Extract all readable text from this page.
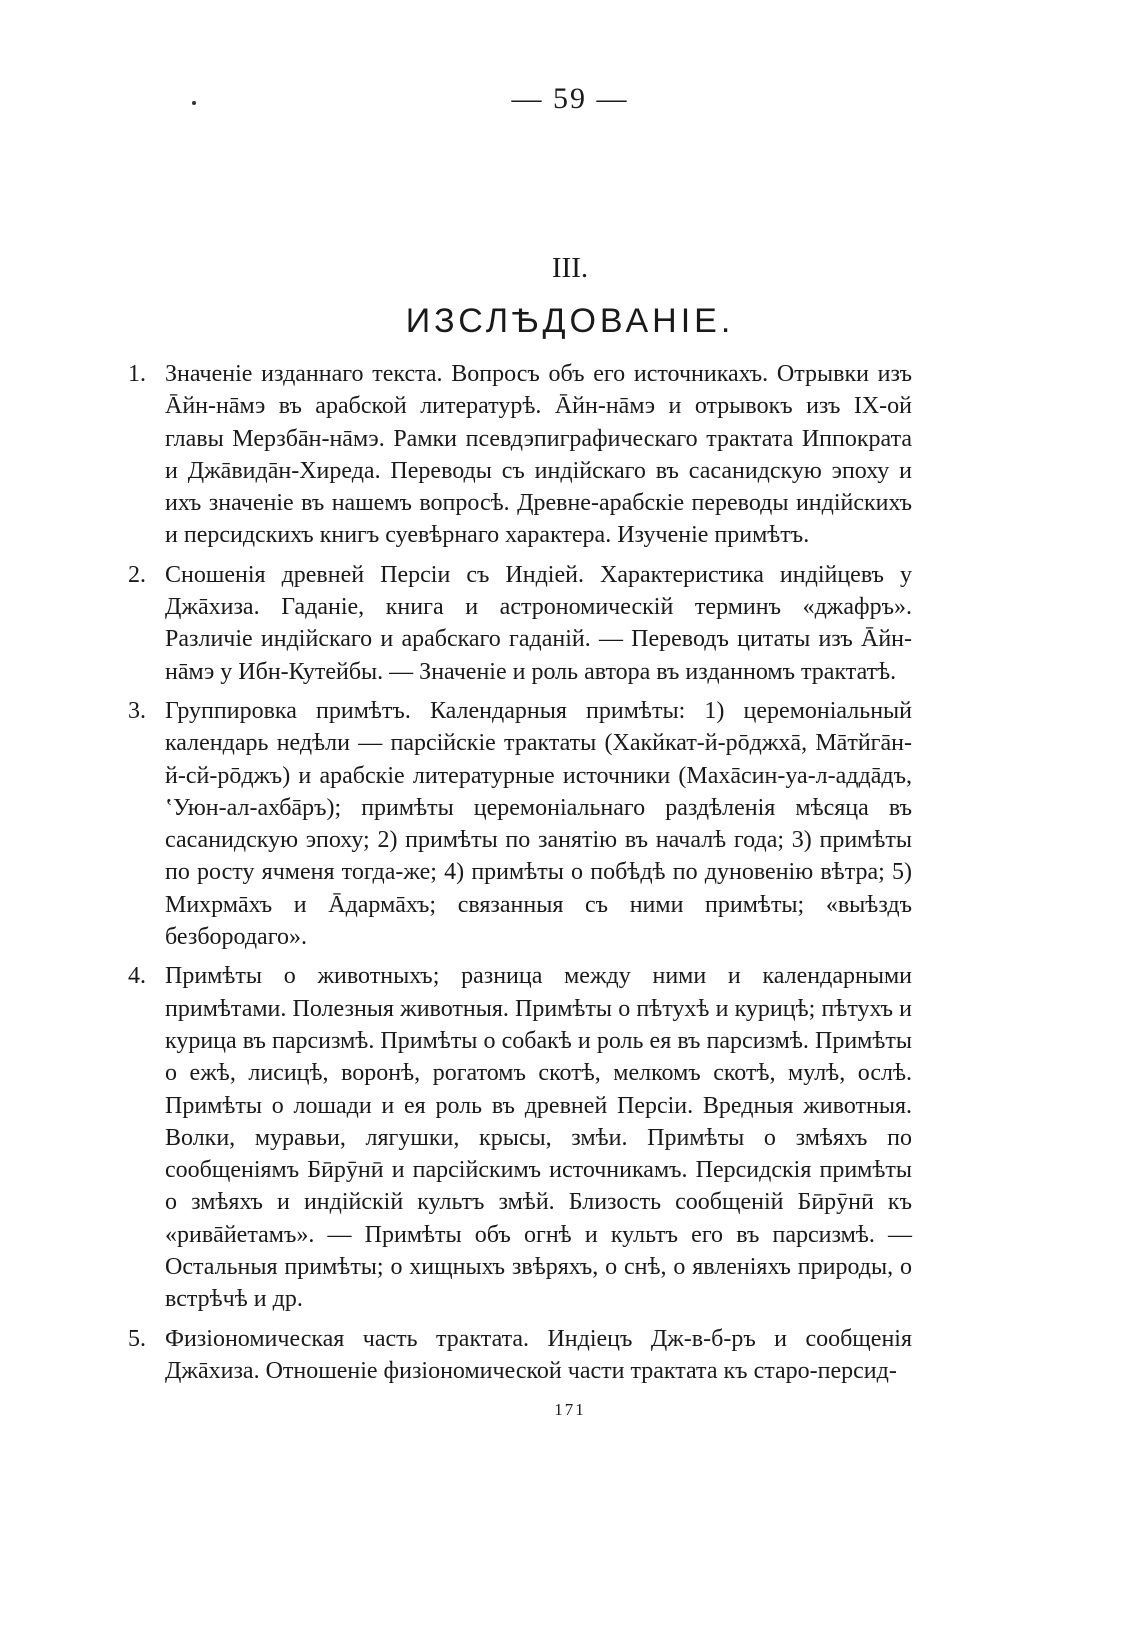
— 59 —
III.
ИЗСЛѢДОВАНІЕ.
1. Значеніе изданнаго текста. Вопросъ объ его источникахъ. Отрывки изъ Āйн-нāмэ въ арабской литературѣ. Āйн-нāмэ и отрывокъ изъ IX-ой главы Мерзбāн-нāмэ. Рамки псевдэпиграфическаго трактата Иппократа и Джāвидāн-Хиреда. Переводы съ индійскаго въ сасанидскую эпоху и ихъ значеніе въ нашемъ вопросѣ. Древне-арабскіе переводы индійскихъ и персидскихъ книгъ суевѣрнаго характера. Изученіе примѣтъ.
2. Сношенія древней Персіи съ Индіей. Характеристика индійцевъ у Джāхиза. Гаданіе, книга и астрономическій терминъ «джафръ». Различіе индійскаго и арабскаго гаданій. — Переводъ цитаты изъ Āйн-нāмэ у Ибн-Кутейбы. — Значеніе и роль автора въ изданномъ трактатѣ.
3. Группировка примѣтъ. Календарныя примѣты: 1) церемоніальный календарь недѣли — парсійскіе трактаты (Хакйкат-й-рōджхā, Мāтйгāн-й-сй-рōджъ) и арабскіе литературные источники (Махāсин-уа-л-аддāдъ, ʽУюн-ал-ахбāръ); примѣты церемоніальнаго раздѣленія мѣсяца въ сасанидскую эпоху; 2) примѣты по занятію въ началѣ года; 3) примѣты по росту ячменя тогда-же; 4) примѣты о побѣдѣ по дуновенію вѣтра; 5) Михрмāхъ и Āдармāхъ; связанныя съ ними примѣты; «выѣздъ безбородаго».
4. Примѣты о животныхъ; разница между ними и календарными примѣтами. Полезныя животныя. Примѣты о пѣтухѣ и курицѣ; пѣтухъ и курица въ парсизмѣ. Примѣты о собакѣ и роль ея въ парсизмѣ. Примѣты о ежѣ, лисицѣ, воронѣ, рогатомъ скотѣ, мелкомъ скотѣ, мулѣ, ослѣ. Примѣты о лошади и ея роль въ древней Персіи. Вредныя животныя. Волки, муравьи, лягушки, крысы, змѣи. Примѣты о змѣяхъ по сообщеніямъ Бӣрӯнӣ и парсійскимъ источникамъ. Персидскія примѣты о змѣяхъ и индійскій культъ змѣй. Близость сообщеній Бӣрӯнӣ къ «ривāйетамъ». — Примѣты объ огнѣ и культъ его въ парсизмѣ. — Остальныя примѣты; о хищныхъ звѣряхъ, о снѣ, о явленіяхъ природы, о встрѣчѣ и др.
5. Физіономическая часть трактата. Индіецъ Дж-в-б-ръ и сообщенія Джāхиза. Отношеніе физіономической части трактата къ старо-персид-
171
